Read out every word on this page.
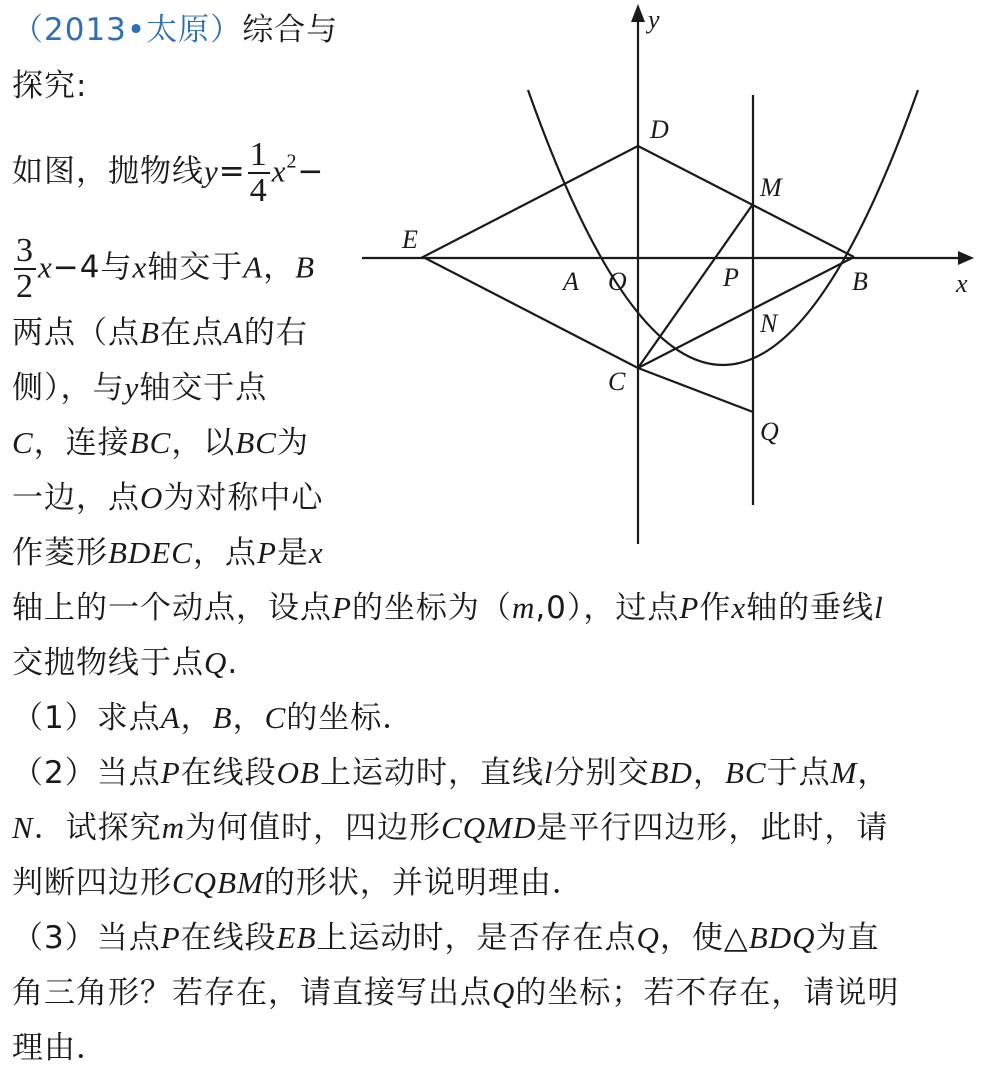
y
x
D
M
E
A O	P	B
N
C
Q
（2013•太原）综合与
探究:
如图，抛物线$y= \frac{1}{4} x^2-$
$\frac{3}{2} x-4$与x轴交于A，B
两点（点B在点A的右
侧），与y轴交于点
C，连接BC，以BC为
一边，点O为对称中心
作菱形BDEC，点P是x
轴上的一个动点，设点P的坐标为（m,0），过点P作x轴的垂线l
交抛物线于点Q.
（1）求点A，B，C的坐标．
（2）当点P在线段OB上运动时，直线l分别交BD，BC于点M，
N．试探究m为何值时，四边形CQMD是平行四边形，此时，请
判断四边形CQBM的形状，并说明理由．
（3）当点P在线段EB上运动时，是否存在点Q，使△BDQ为直
角三角形？若存在，请直接写出点Q的坐标；若不存在，请说明
理由．
